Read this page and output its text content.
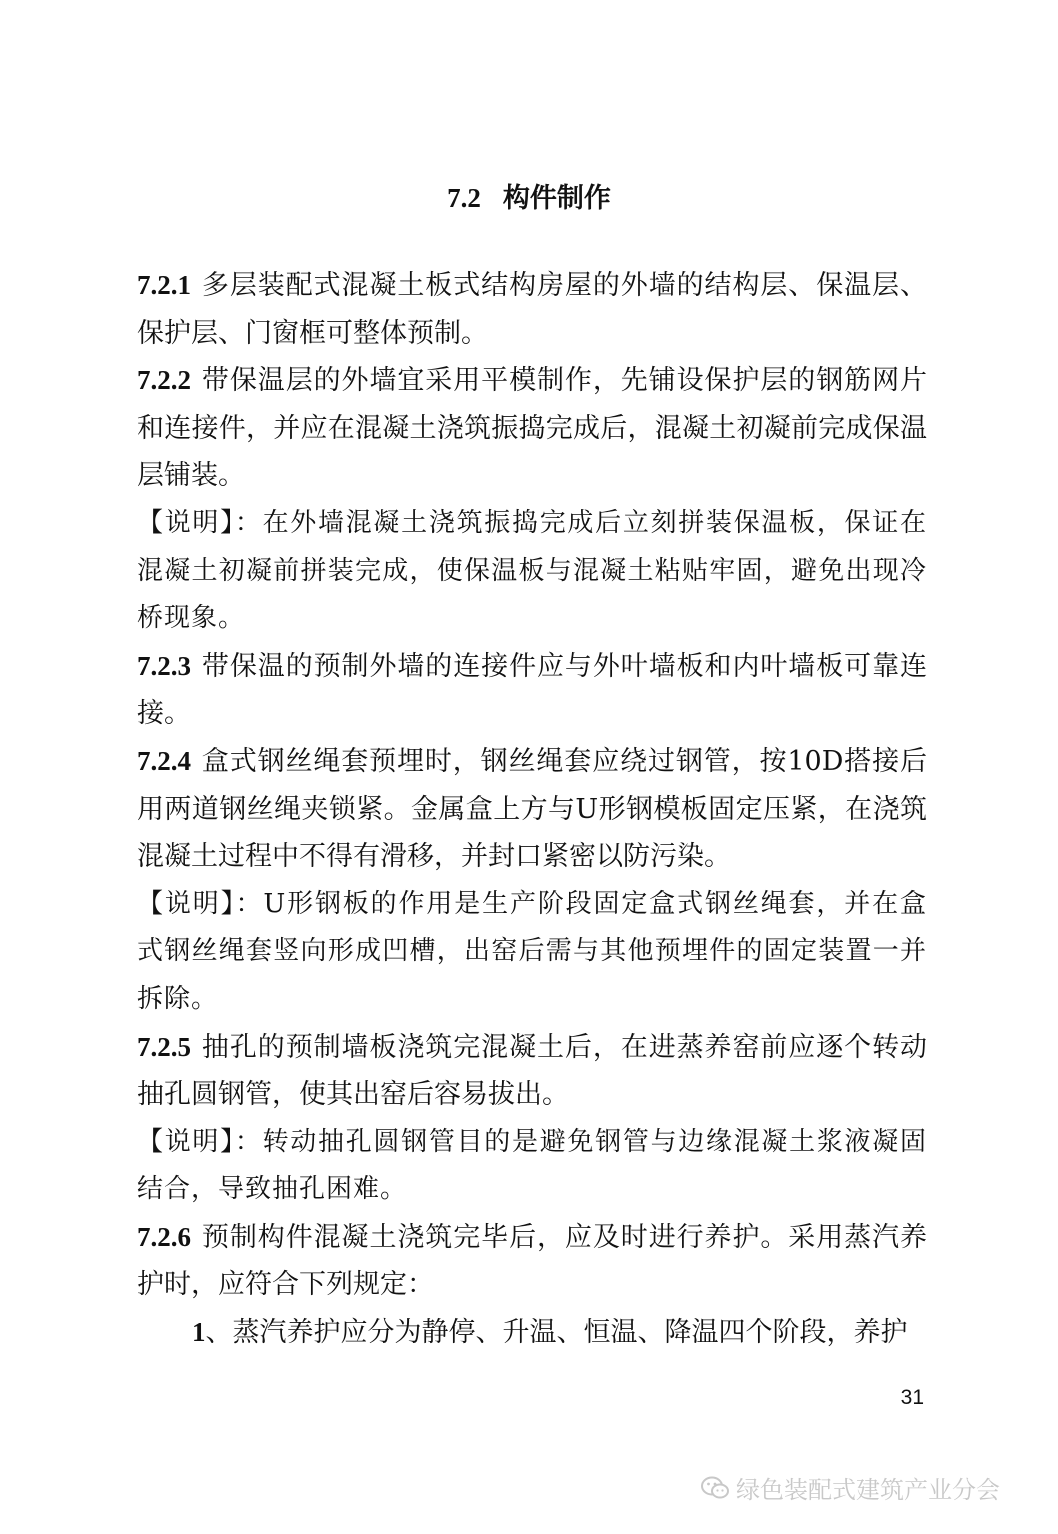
7.2 构件制作

7.2.1 多层装配式混凝土板式结构房屋的外墙的结构层、保温层、保护层、门窗框可整体预制。

7.2.2 带保温层的外墙宜采用平模制作，先铺设保护层的钢筋网片和连接件，并应在混凝土浇筑振捣完成后，混凝土初凝前完成保温层铺装。

【说明】：在外墙混凝土浇筑振捣完成后立刻拼装保温板，保证在混凝土初凝前拼装完成，使保温板与混凝土粘贴牢固，避免出现冷桥现象。

7.2.3 带保温的预制外墙的连接件应与外叶墙板和内叶墙板可靠连接。

7.2.4 盒式钢丝绳套预埋时，钢丝绳套应绕过钢管，按10D搭接后用两道钢丝绳夹锁紧。金属盒上方与U形钢模板固定压紧，在浇筑混凝土过程中不得有滑移，并封口紧密以防污染。

【说明】：U形钢板的作用是生产阶段固定盒式钢丝绳套，并在盒式钢丝绳套竖向形成凹槽，出窑后需与其他预埋件的固定装置一并拆除。

7.2.5 抽孔的预制墙板浇筑完混凝土后，在进蒸养窑前应逐个转动抽孔圆钢管，使其出窑后容易拔出。

【说明】：转动抽孔圆钢管目的是避免钢管与边缘混凝土浆液凝固结合，导致抽孔困难。

7.2.6 预制构件混凝土浇筑完毕后，应及时进行养护。采用蒸汽养护时，应符合下列规定：

1、蒸汽养护应分为静停、升温、恒温、降温四个阶段，养护

31
绿色装配式建筑产业分会
